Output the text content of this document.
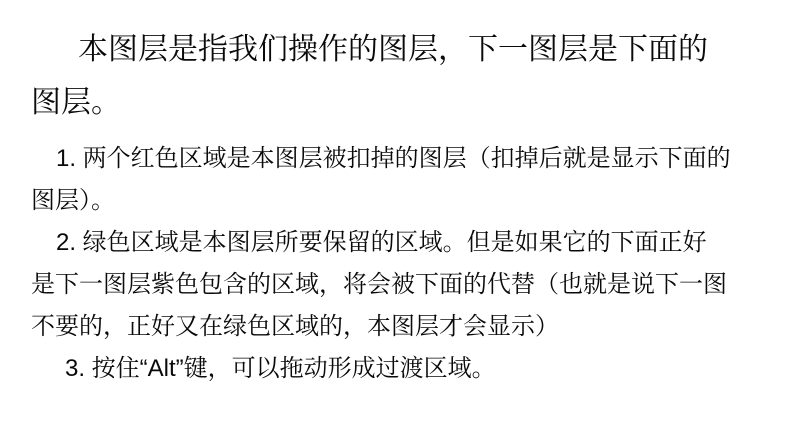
本图层是指我们操作的图层，下一图层是下面的
图层。
1. 两个红色区域是本图层被扣掉的图层（扣掉后就是显示下面的
图层）。
2. 绿色区域是本图层所要保留的区域。但是如果它的下面正好
是下一图层紫色包含的区域，将会被下面的代替（也就是说下一图
不要的，正好又在绿色区域的，本图层才会显示）
3. 按住“Alt”键，可以拖动形成过渡区域。
